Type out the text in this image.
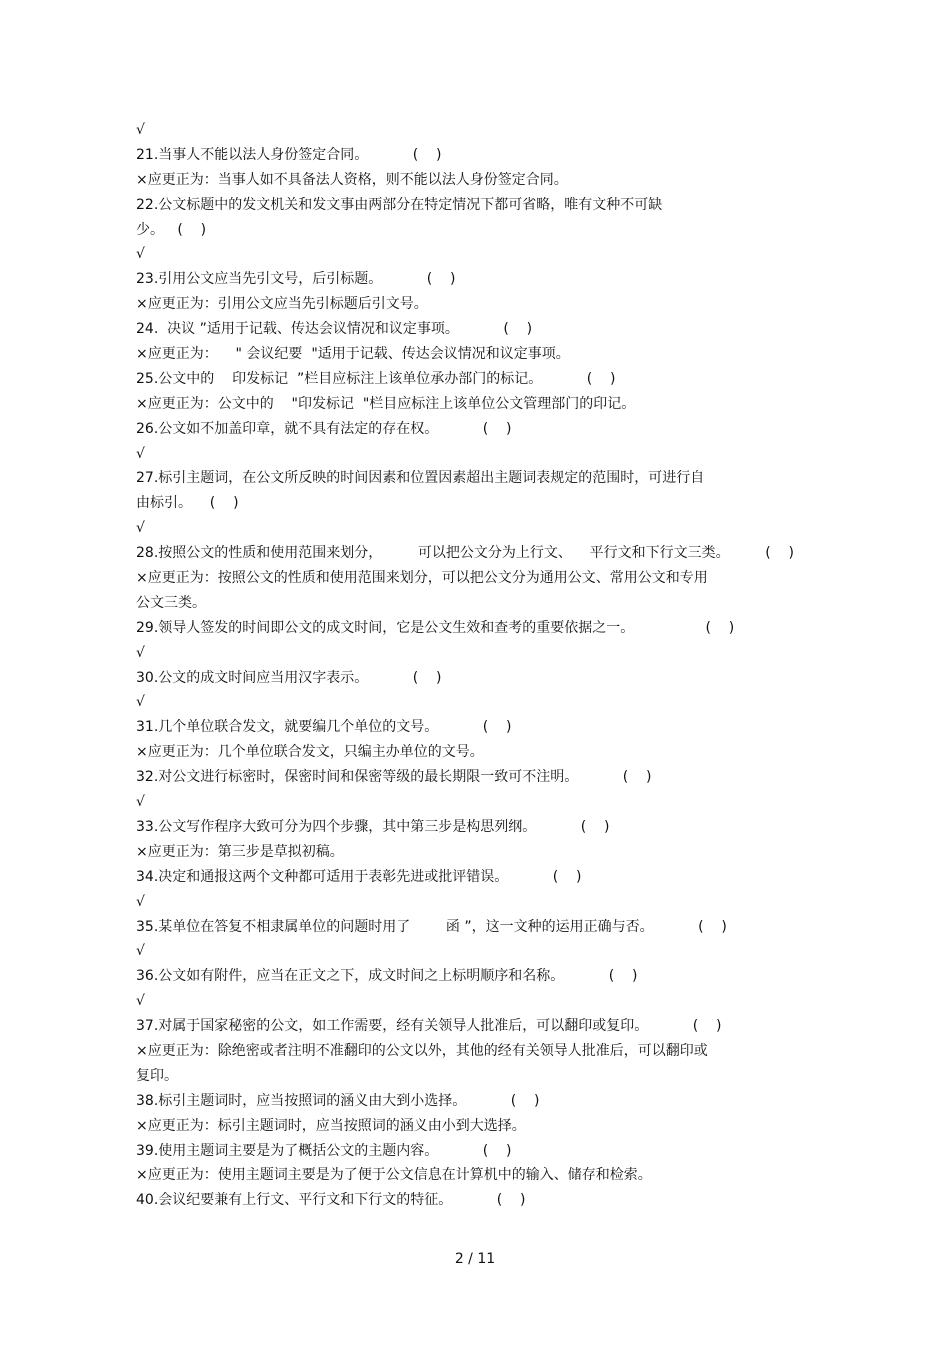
√
21.当事人不能以法人身份签定合同。          (    )
×应更正为：当事人如不具备法人资格，则不能以法人身份签定合同。
22.公文标题中的发文机关和发文事由两部分在特定情况下都可省略，唯有文种不可缺
少。   (    )
√
23.引用公文应当先引文号，后引标题。          (    )
×应更正为：引用公文应当先引标题后引文号。
24.  决议 ”适用于记载、传达会议情况和议定事项。          (    )
×应更正为：    " 会议纪要  "适用于记载、传达会议情况和议定事项。
25.公文中的    印发标记  ”栏目应标注上该单位承办部门的标记。          (    )
×应更正为：公文中的    "印发标记  "栏目应标注上该单位公文管理部门的印记。
26.公文如不加盖印章，就不具有法定的存在权。          (    )
√
27.标引主题词，在公文所反映的时间因素和位置因素超出主题词表规定的范围时，可进行自
由标引。    (    )
√
28.按照公文的性质和使用范围来划分，        可以把公文分为上行文、    平行文和下行文三类。        (    )
×应更正为：按照公文的性质和使用范围来划分，可以把公文分为通用公文、常用公文和专用
公文三类。
29.领导人签发的时间即公文的成文时间，它是公文生效和查考的重要依据之一。                (    )
√
30.公文的成文时间应当用汉字表示。          (    )
√
31.几个单位联合发文，就要编几个单位的文号。          (    )
×应更正为：几个单位联合发文，只编主办单位的文号。
32.对公文进行标密时，保密时间和保密等级的最长期限一致可不注明。          (    )
√
33.公文写作程序大致可分为四个步骤，其中第三步是构思列纲。          (    )
×应更正为：第三步是草拟初稿。
34.决定和通报这两个文种都可适用于表彰先进或批评错误。          (    )
√
35.某单位在答复不相隶属单位的问题时用了        函 ”，这一文种的运用正确与否。          (    )
√
36.公文如有附件，应当在正文之下，成文时间之上标明顺序和名称。          (    )
√
37.对属于国家秘密的公文，如工作需要，经有关领导人批准后，可以翻印或复印。          (    )
×应更正为：除绝密或者注明不准翻印的公文以外，其他的经有关领导人批准后，可以翻印或
复印。
38.标引主题词时，应当按照词的涵义由大到小选择。          (    )
×应更正为：标引主题词时，应当按照词的涵义由小到大选择。
39.使用主题词主要是为了概括公文的主题内容。          (    )
×应更正为：使用主题词主要是为了便于公文信息在计算机中的输入、储存和检索。
40.会议纪要兼有上行文、平行文和下行文的特征。          (    )
2 / 11
